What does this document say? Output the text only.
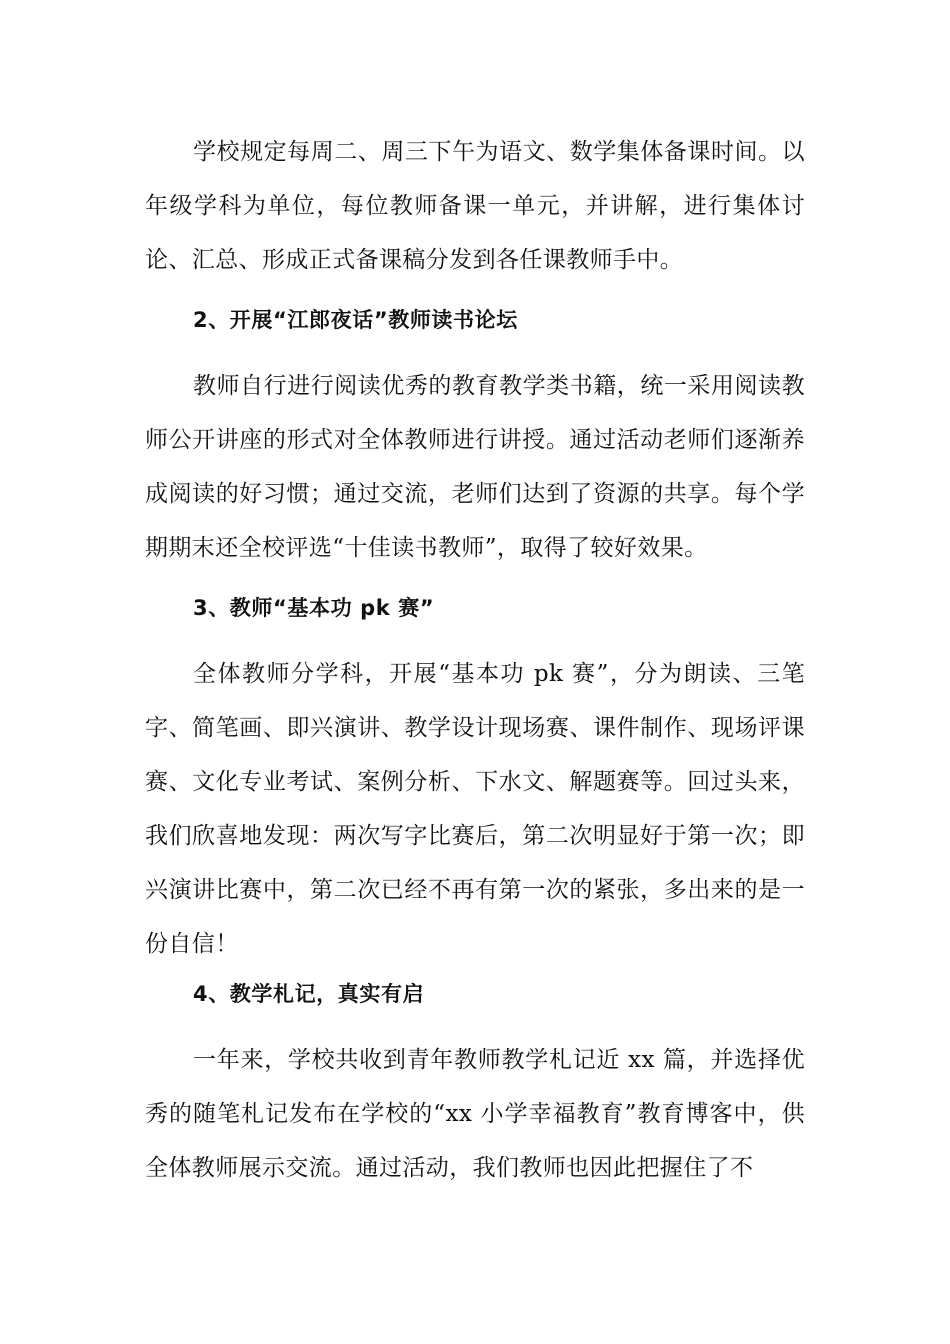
学校规定每周二、周三下午为语文、数学集体备课时间。以年级学科为单位，每位教师备课一单元，并讲解，进行集体讨论、汇总、形成正式备课稿分发到各任课教师手中。

2、开展“江郎夜话”教师读书论坛

教师自行进行阅读优秀的教育教学类书籍，统一采用阅读教师公开讲座的形式对全体教师进行讲授。通过活动老师们逐渐养成阅读的好习惯；通过交流，老师们达到了资源的共享。每个学期期末还全校评选“十佳读书教师”，取得了较好效果。

3、教师“基本功 pk 赛”

全体教师分学科，开展“基本功 pk 赛”，分为朗读、三笔字、简笔画、即兴演讲、教学设计现场赛、课件制作、现场评课赛、文化专业考试、案例分析、下水文、解题赛等。回过头来，我们欣喜地发现：两次写字比赛后，第二次明显好于第一次；即兴演讲比赛中，第二次已经不再有第一次的紧张，多出来的是一份自信！

4、教学札记，真实有启

一年来，学校共收到青年教师教学札记近 xx 篇，并选择优秀的随笔札记发布在学校的“xx 小学幸福教育”教育博客中，供全体教师展示交流。通过活动，我们教师也因此把握住了不
